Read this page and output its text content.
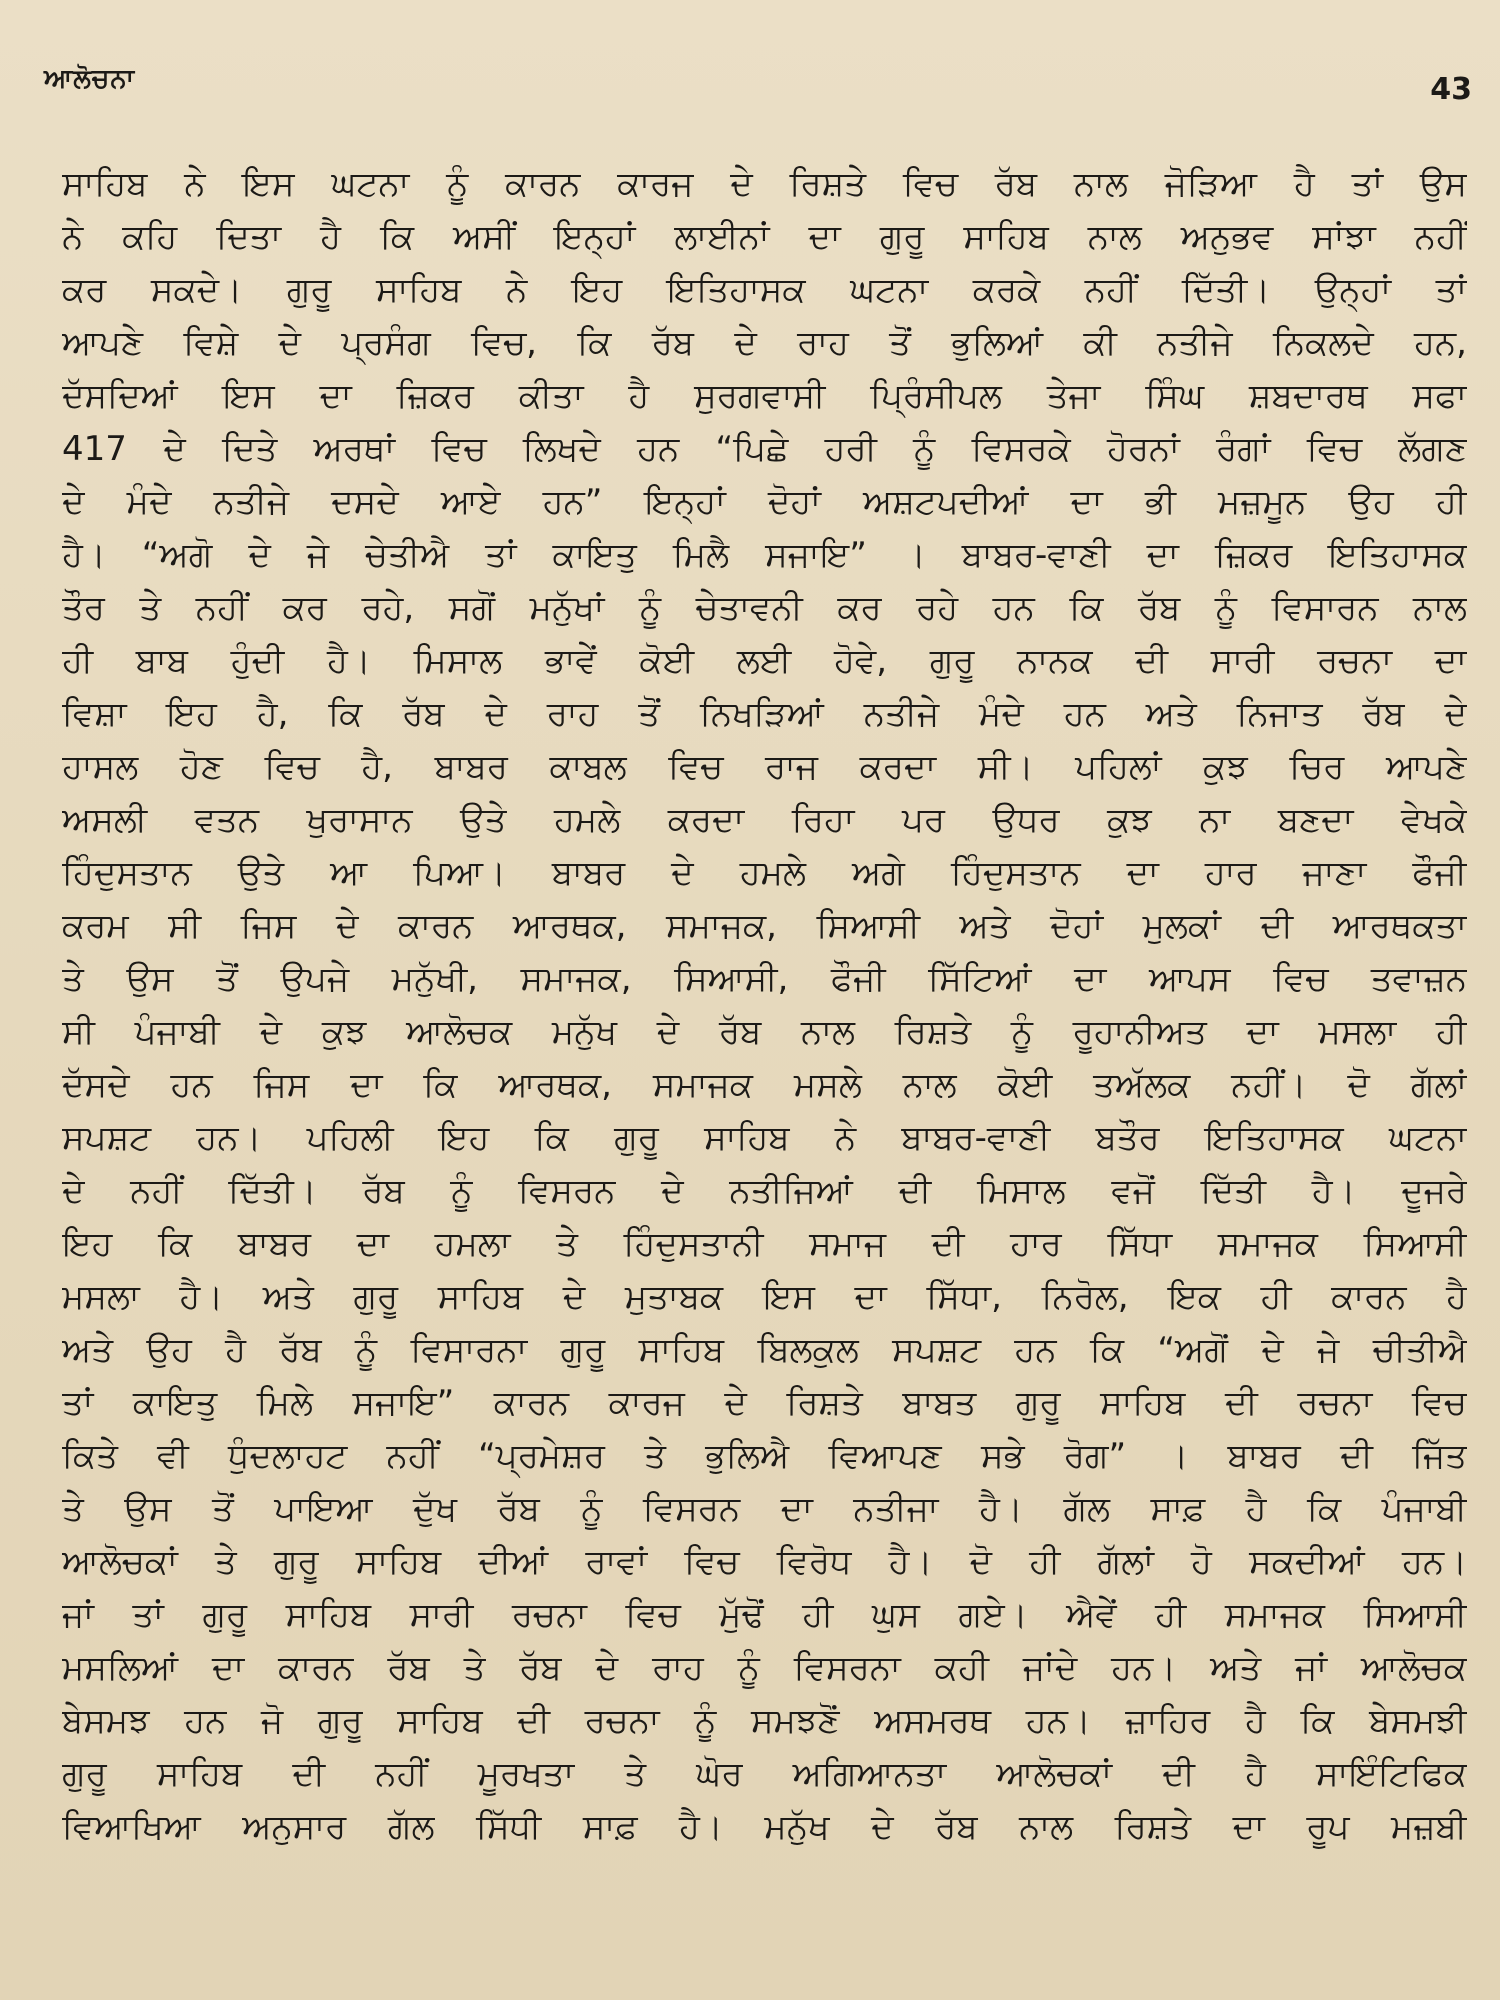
ਆਲੋਚਨਾ	43
ਸਾਹਿਬ ਨੇ ਇਸ ਘਟਨਾ ਨੂੰ ਕਾਰਨ ਕਾਰਜ ਦੇ ਰਿਸ਼ਤੇ ਵਿਚ ਰੱਬ ਨਾਲ ਜੋੜਿਆ ਹੈ ਤਾਂ ਉਸ
ਨੇ ਕਹਿ ਦਿਤਾ ਹੈ ਕਿ ਅਸੀਂ ਇਨ੍ਹਾਂ ਲਾਈਨਾਂ ਦਾ ਗੁਰੂ ਸਾਹਿਬ ਨਾਲ ਅਨੁਭਵ ਸਾਂਝਾ ਨਹੀਂ
ਕਰ ਸਕਦੇ। ਗੁਰੂ ਸਾਹਿਬ ਨੇ ਇਹ ਇਤਿਹਾਸਕ ਘਟਨਾ ਕਰਕੇ ਨਹੀਂ ਦਿੱਤੀ। ਉਨ੍ਹਾਂ ਤਾਂ
ਆਪਣੇ ਵਿਸ਼ੇ ਦੇ ਪ੍ਰਸੰਗ ਵਿਚ, ਕਿ ਰੱਬ ਦੇ ਰਾਹ ਤੋਂ ਭੁਲਿਆਂ ਕੀ ਨਤੀਜੇ ਨਿਕਲਦੇ ਹਨ,
ਦੱਸਦਿਆਂ ਇਸ ਦਾ ਜ਼ਿਕਰ ਕੀਤਾ ਹੈ ਸੁਰਗਵਾਸੀ ਪ੍ਰਿੰਸੀਪਲ ਤੇਜਾ ਸਿੰਘ ਸ਼ਬਦਾਰਥ ਸਫਾ
417 ਦੇ ਦਿਤੇ ਅਰਥਾਂ ਵਿਚ ਲਿਖਦੇ ਹਨ “ਪਿਛੇ ਹਰੀ ਨੂੰ ਵਿਸਰਕੇ ਹੋਰਨਾਂ ਰੰਗਾਂ ਵਿਚ ਲੱਗਣ
ਦੇ ਮੰਦੇ ਨਤੀਜੇ ਦਸਦੇ ਆਏ ਹਨ” ਇਨ੍ਹਾਂ ਦੋਹਾਂ ਅਸ਼ਟਪਦੀਆਂ ਦਾ ਭੀ ਮਜ਼ਮੂਨ ਉਹ ਹੀ
ਹੈ। “ਅਗੋ ਦੇ ਜੇ ਚੇਤੀਐ ਤਾਂ ਕਾਇਤੁ ਮਿਲੈ ਸਜਾਇ” । ਬਾਬਰ-ਵਾਣੀ ਦਾ ਜ਼ਿਕਰ ਇਤਿਹਾਸਕ
ਤੌਰ ਤੇ ਨਹੀਂ ਕਰ ਰਹੇ, ਸਗੋਂ ਮਨੁੱਖਾਂ ਨੂੰ ਚੇਤਾਵਨੀ ਕਰ ਰਹੇ ਹਨ ਕਿ ਰੱਬ ਨੂੰ ਵਿਸਾਰਨ ਨਾਲ
ਹੀ ਬਾਬ ਹੁੰਦੀ ਹੈ। ਮਿਸਾਲ ਭਾਵੇਂ ਕੋਈ ਲਈ ਹੋਵੇ, ਗੁਰੂ ਨਾਨਕ ਦੀ ਸਾਰੀ ਰਚਨਾ ਦਾ
ਵਿਸ਼ਾ ਇਹ ਹੈ, ਕਿ ਰੱਬ ਦੇ ਰਾਹ ਤੋਂ ਨਿਖੜਿਆਂ ਨਤੀਜੇ ਮੰਦੇ ਹਨ ਅਤੇ ਨਿਜਾਤ ਰੱਬ ਦੇ
ਹਾਸਲ ਹੋਣ ਵਿਚ ਹੈ, ਬਾਬਰ ਕਾਬਲ ਵਿਚ ਰਾਜ ਕਰਦਾ ਸੀ। ਪਹਿਲਾਂ ਕੁਝ ਚਿਰ ਆਪਣੇ
ਅਸਲੀ ਵਤਨ ਖੁਰਾਸਾਨ ਉਤੇ ਹਮਲੇ ਕਰਦਾ ਰਿਹਾ ਪਰ ਉਧਰ ਕੁਝ ਨਾ ਬਣਦਾ ਵੇਖਕੇ
ਹਿੰਦੁਸਤਾਨ ਉਤੇ ਆ ਪਿਆ। ਬਾਬਰ ਦੇ ਹਮਲੇ ਅਗੇ ਹਿੰਦੁਸਤਾਨ ਦਾ ਹਾਰ ਜਾਣਾ ਫੌਜੀ
ਕਰਮ ਸੀ ਜਿਸ ਦੇ ਕਾਰਨ ਆਰਥਕ, ਸਮਾਜਕ, ਸਿਆਸੀ ਅਤੇ ਦੋਹਾਂ ਮੁਲਕਾਂ ਦੀ ਆਰਥਕਤਾ
ਤੇ ਉਸ ਤੋਂ ਉਪਜੇ ਮਨੁੱਖੀ, ਸਮਾਜਕ, ਸਿਆਸੀ, ਫੌਜੀ ਸਿੱਟਿਆਂ ਦਾ ਆਪਸ ਵਿਚ ਤਵਾਜ਼ਨ
ਸੀ ਪੰਜਾਬੀ ਦੇ ਕੁਝ ਆਲੋਚਕ ਮਨੁੱਖ ਦੇ ਰੱਬ ਨਾਲ ਰਿਸ਼ਤੇ ਨੂੰ ਰੂਹਾਨੀਅਤ ਦਾ ਮਸਲਾ ਹੀ
ਦੱਸਦੇ ਹਨ ਜਿਸ ਦਾ ਕਿ ਆਰਥਕ, ਸਮਾਜਕ ਮਸਲੇ ਨਾਲ ਕੋਈ ਤਅੱਲਕ ਨਹੀਂ। ਦੋ ਗੱਲਾਂ
ਸਪਸ਼ਟ ਹਨ। ਪਹਿਲੀ ਇਹ ਕਿ ਗੁਰੂ ਸਾਹਿਬ ਨੇ ਬਾਬਰ-ਵਾਣੀ ਬਤੌਰ ਇਤਿਹਾਸਕ ਘਟਨਾ
ਦੇ ਨਹੀਂ ਦਿੱਤੀ। ਰੱਬ ਨੂੰ ਵਿਸਰਨ ਦੇ ਨਤੀਜਿਆਂ ਦੀ ਮਿਸਾਲ ਵਜੋਂ ਦਿੱਤੀ ਹੈ। ਦੂਜਰੇ
ਇਹ ਕਿ ਬਾਬਰ ਦਾ ਹਮਲਾ ਤੇ ਹਿੰਦੁਸਤਾਨੀ ਸਮਾਜ ਦੀ ਹਾਰ ਸਿੱਧਾ ਸਮਾਜਕ ਸਿਆਸੀ
ਮਸਲਾ ਹੈ। ਅਤੇ ਗੁਰੂ ਸਾਹਿਬ ਦੇ ਮੁਤਾਬਕ ਇਸ ਦਾ ਸਿੱਧਾ, ਨਿਰੋਲ, ਇਕ ਹੀ ਕਾਰਨ ਹੈ
ਅਤੇ ਉਹ ਹੈ ਰੱਬ ਨੂੰ ਵਿਸਾਰਨਾ ਗੁਰੂ ਸਾਹਿਬ ਬਿਲਕੁਲ ਸਪਸ਼ਟ ਹਨ ਕਿ “ਅਗੋਂ ਦੇ ਜੇ ਚੀਤੀਐ
ਤਾਂ ਕਾਇਤੁ ਮਿਲੇ ਸਜਾਇ” ਕਾਰਨ ਕਾਰਜ ਦੇ ਰਿਸ਼ਤੇ ਬਾਬਤ ਗੁਰੂ ਸਾਹਿਬ ਦੀ ਰਚਨਾ ਵਿਚ
ਕਿਤੇ ਵੀ ਧੁੰਦਲਾਹਟ ਨਹੀਂ “ਪ੍ਰਮੇਸ਼ਰ ਤੇ ਭੁਲਿਐ ਵਿਆਪਣ ਸਭੇ ਰੋਗ” । ਬਾਬਰ ਦੀ ਜਿੱਤ
ਤੇ ਉਸ ਤੋਂ ਪਾਇਆ ਦੁੱਖ ਰੱਬ ਨੂੰ ਵਿਸਰਨ ਦਾ ਨਤੀਜਾ ਹੈ। ਗੱਲ ਸਾਫ਼ ਹੈ ਕਿ ਪੰਜਾਬੀ
ਆਲੋਚਕਾਂ ਤੇ ਗੁਰੂ ਸਾਹਿਬ ਦੀਆਂ ਰਾਵਾਂ ਵਿਚ ਵਿਰੋਧ ਹੈ। ਦੋ ਹੀ ਗੱਲਾਂ ਹੋ ਸਕਦੀਆਂ ਹਨ।
ਜਾਂ ਤਾਂ ਗੁਰੂ ਸਾਹਿਬ ਸਾਰੀ ਰਚਨਾ ਵਿਚ ਮੁੱਢੋਂ ਹੀ ਘੁਸ ਗਏ। ਐਵੇਂ ਹੀ ਸਮਾਜਕ ਸਿਆਸੀ
ਮਸਲਿਆਂ ਦਾ ਕਾਰਨ ਰੱਬ ਤੇ ਰੱਬ ਦੇ ਰਾਹ ਨੂੰ ਵਿਸਰਨਾ ਕਹੀ ਜਾਂਦੇ ਹਨ। ਅਤੇ ਜਾਂ ਆਲੋਚਕ
ਬੇਸਮਝ ਹਨ ਜੋ ਗੁਰੂ ਸਾਹਿਬ ਦੀ ਰਚਨਾ ਨੂੰ ਸਮਝਣੋਂ ਅਸਮਰਥ ਹਨ। ਜ਼ਾਹਿਰ ਹੈ ਕਿ ਬੇਸਮਝੀ
ਗੁਰੂ ਸਾਹਿਬ ਦੀ ਨਹੀਂ ਮੂਰਖਤਾ ਤੇ ਘੋਰ ਅਗਿਆਨਤਾ ਆਲੋਚਕਾਂ ਦੀ ਹੈ ਸਾਇੰਟਿਫਿਕ
ਵਿਆਖਿਆ ਅਨੁਸਾਰ ਗੱਲ ਸਿੱਧੀ ਸਾਫ਼ ਹੈ। ਮਨੁੱਖ ਦੇ ਰੱਬ ਨਾਲ ਰਿਸ਼ਤੇ ਦਾ ਰੂਪ ਮਜ਼ਬੀ
